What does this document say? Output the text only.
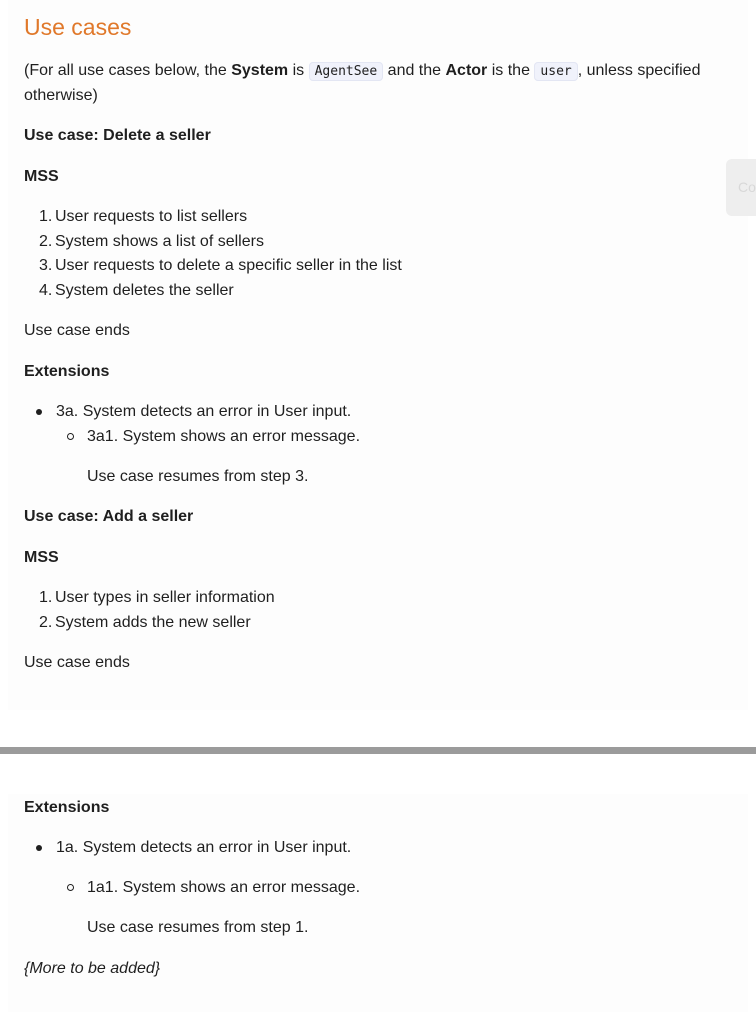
Co
Use cases
(For all use cases below, the System is AgentSee and the Actor is the user , unless specified
otherwise)
Use case: Delete a seller
MSS
1. User requests to list sellers
2. System shows a list of sellers
3. User requests to delete a specific seller in the list
4. System deletes the seller
Use case ends
Extensions
3a. System detects an error in User input.
3a1. System shows an error message.
Use case resumes from step 3.
Use case: Add a seller
MSS
1. User types in seller information
2. System adds the new seller
Use case ends
Extensions
1a. System detects an error in User input.
1a1. System shows an error message.
Use case resumes from step 1.
{More to be added}
